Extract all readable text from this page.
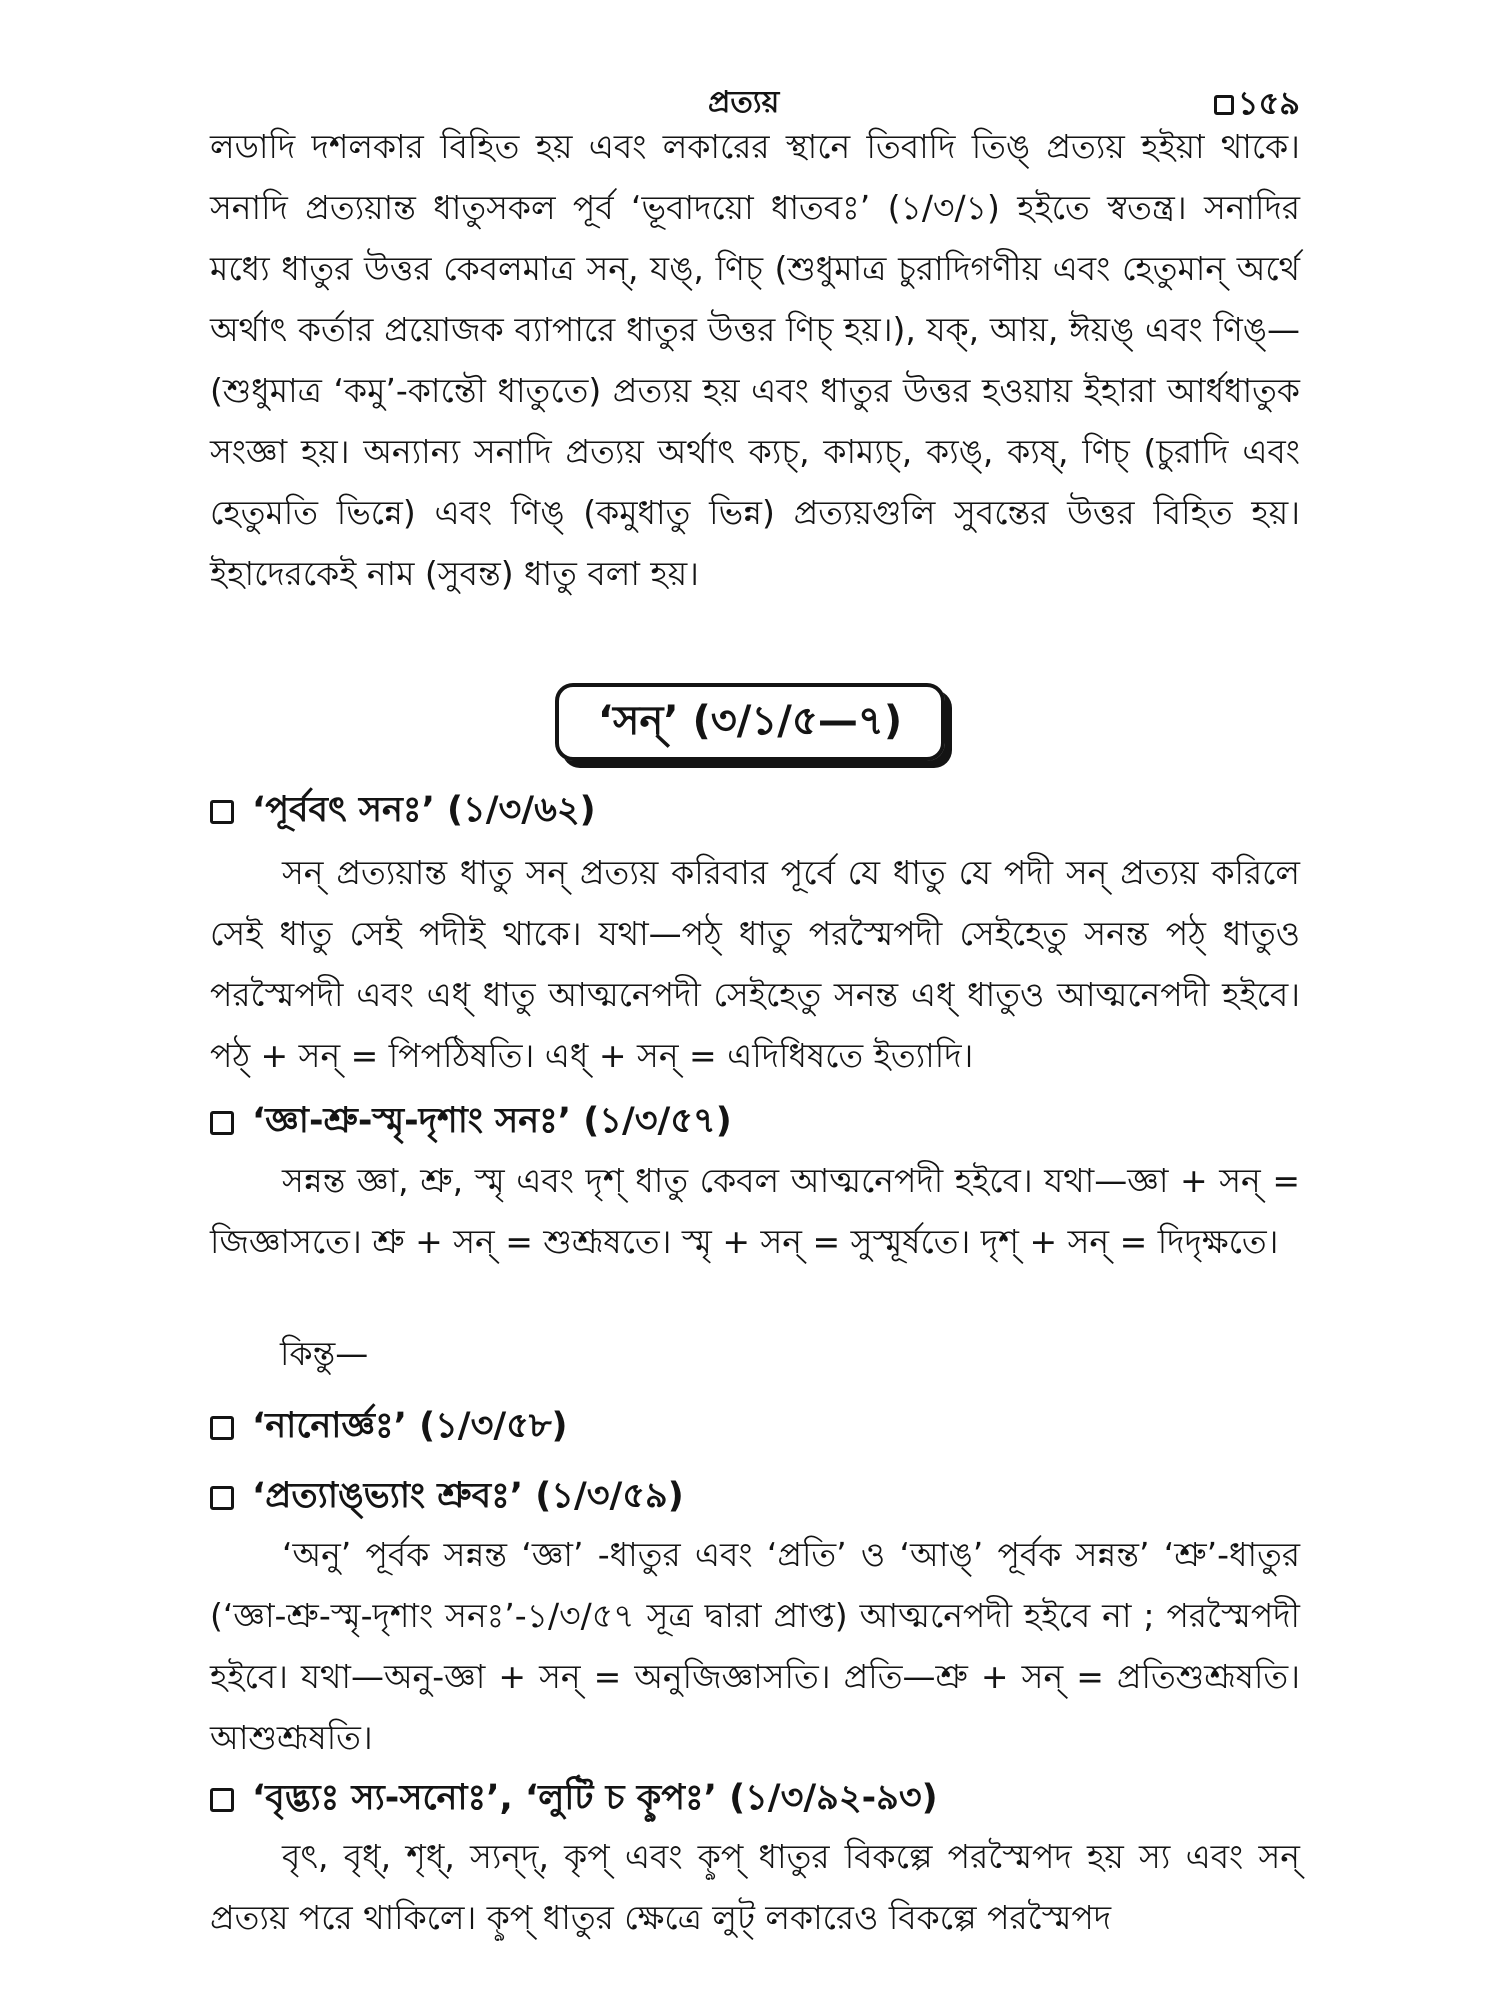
প্রত্যয়	১৫৯

লডাদি দশলকার বিহিত হয় এবং লকারের স্থানে তিবাদি তিঙ্‌ প্রত্যয় হইয়া থাকে। সনাদি প্রত্যয়ান্ত ধাতুসকল পূর্ব ‘ভূবাদয়ো ধাতবঃ’ (১/৩/১) হইতে স্বতন্ত্র। সনাদির মধ্যে ধাতুর উত্তর কেবলমাত্র সন্‌, যঙ্‌, ণিচ্‌ (শুধুমাত্র চুরাদিগণীয় এবং হেতুমান্‌ অর্থে অর্থাৎ কর্তার প্রয়োজক ব্যাপারে ধাতুর উত্তর ণিচ্‌ হয়।), যক্‌, আয়, ঈয়ঙ্‌ এবং ণিঙ্‌— (শুধুমাত্র ‘কমু’-কান্তৌ ধাতুতে) প্রত্যয় হয় এবং ধাতুর উত্তর হওয়ায় ইহারা আর্ধধাতুক সংজ্ঞা হয়। অন্যান্য সনাদি প্রত্যয় অর্থাৎ ক্যচ্‌, কাম্যচ্‌, ক্যঙ্‌, ক্যষ্‌, ণিচ্‌ (চুরাদি এবং হেতুমতি ভিন্নে) এবং ণিঙ্‌ (কমুধাতু ভিন্ন) প্রত্যয়গুলি সুবন্তের উত্তর বিহিত হয়। ইহাদেরকেই নাম (সুবন্ত) ধাতু বলা হয়।

‘সন্‌’ (৩/১/৫—৭)
‘পূর্ববৎ সনঃ’ (১/৩/৬২)

সন্‌ প্রত্যয়ান্ত ধাতু সন্‌ প্রত্যয় করিবার পূর্বে যে ধাতু যে পদী সন্‌ প্রত্যয় করিলে সেই ধাতু সেই পদীই থাকে। যথা—পঠ্‌ ধাতু পরস্মৈপদী সেইহেতু সনন্ত পঠ্‌ ধাতুও পরস্মৈপদী এবং এধ্‌ ধাতু আত্মনেপদী সেইহেতু সনন্ত এধ্‌ ধাতুও আত্মনেপদী হইবে। পঠ্‌ + সন্‌ = পিপঠিষতি। এধ্‌ + সন্‌ = এদিধিষতে ইত্যাদি।

‘জ্ঞা-শ্রু-স্মৃ-দৃশাং সনঃ’ (১/৩/৫৭)

সন্নন্ত জ্ঞা, শ্রু, স্মৃ এবং দৃশ্‌ ধাতু কেবল আত্মনেপদী হইবে। যথা—জ্ঞা + সন্‌ = জিজ্ঞাসতে। শ্রু + সন্‌ = শুশ্রূষতে। স্মৃ + সন্‌ = সুস্মূর্ষতে। দৃশ্‌ + সন্‌ = দিদৃক্ষতে।

কিন্তু—
‘নানোর্জ্ঞঃ’ (১/৩/৫৮)
‘প্রত্যাঙ্‌ভ্যাং শ্রুবঃ’ (১/৩/৫৯)

‘অনু’ পূর্বক সন্নন্ত ‘জ্ঞা’ -ধাতুর এবং ‘প্রতি’ ও ‘আঙ্‌’ পূর্বক সন্নন্ত’ ‘শ্রু’-ধাতুর (‘জ্ঞা-শ্রু-স্মৃ-দৃশাং সনঃ’-১/৩/৫৭ সূত্র দ্বারা প্রাপ্ত) আত্মনেপদী হইবে না ; পরস্মৈপদী হইবে। যথা—অনু-জ্ঞা + সন্‌ = অনুজিজ্ঞাসতি। প্রতি—শ্রু + সন্‌ = প্রতিশুশ্রূষতি। আশুশ্রূষতি।

‘বৃদ্ভ্যঃ স্য-সনোঃ’, ‘লুটি চ কৢপঃ’ (১/৩/৯২-৯৩)

বৃৎ, বৃধ্‌, শৃধ্‌, স্যন্দ্‌, কৃপ্‌ এবং কৢপ্‌ ধাতুর বিকল্পে পরস্মৈপদ হয় স্য এবং সন্‌ প্রত্যয় পরে থাকিলে। কৢপ্‌ ধাতুর ক্ষেত্রে লুট্‌ লকারেও বিকল্পে পরস্মৈপদ
